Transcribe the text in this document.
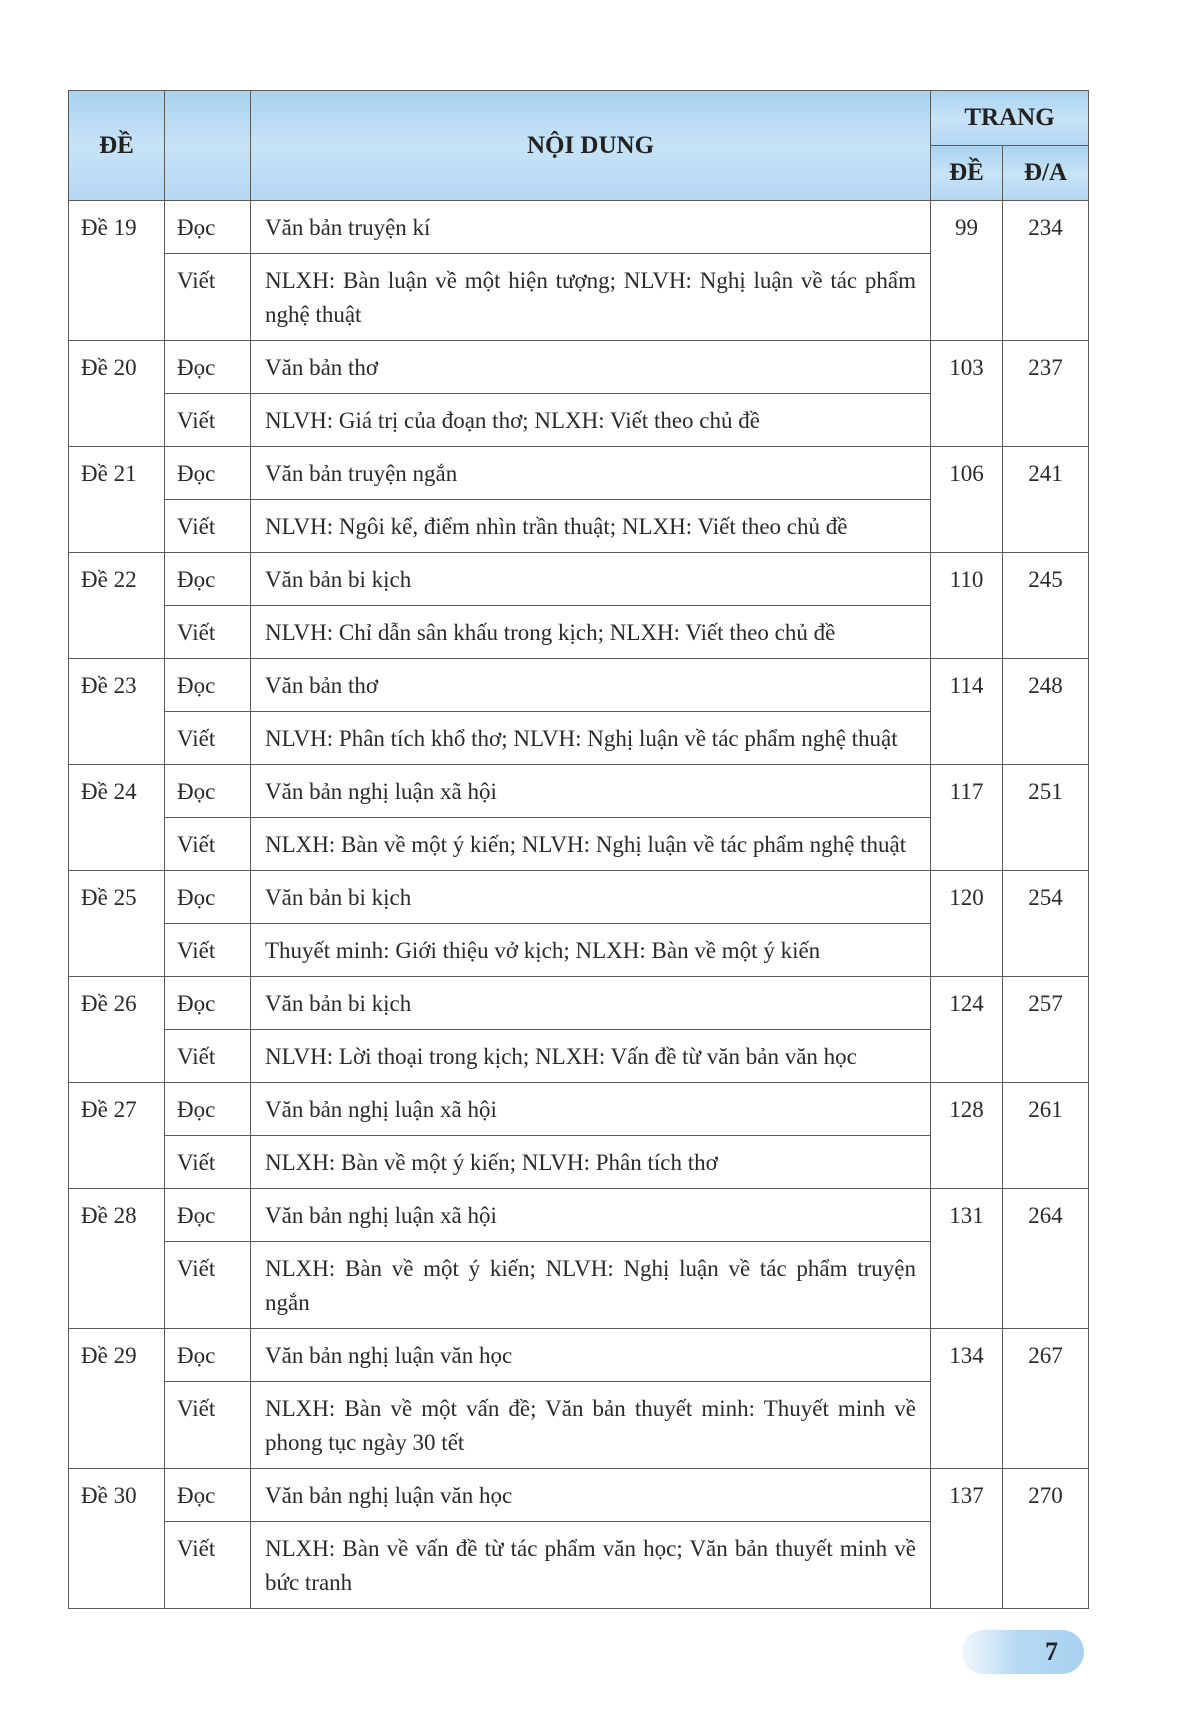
ĐỀ		NỘI DUNG	TRANG	
			ĐỀ	Đ/A
Đề 19	Đọc	Văn bản truyện kí	99	234
	Viết	NLXH: Bàn luận về một hiện tượng; NLVH: Nghị luận về tác phẩm nghệ thuật		
Đề 20	Đọc	Văn bản thơ	103	237
	Viết	NLVH: Giá trị của đoạn thơ; NLXH: Viết theo chủ đề		
Đề 21	Đọc	Văn bản truyện ngắn	106	241
	Viết	NLVH: Ngôi kể, điểm nhìn trần thuật; NLXH: Viết theo chủ đề		
Đề 22	Đọc	Văn bản bi kịch	110	245
	Viết	NLVH: Chỉ dẫn sân khấu trong kịch; NLXH: Viết theo chủ đề		
Đề 23	Đọc	Văn bản thơ	114	248
	Viết	NLVH: Phân tích khổ thơ; NLVH: Nghị luận về tác phẩm nghệ thuật		
Đề 24	Đọc	Văn bản nghị luận xã hội	117	251
	Viết	NLXH: Bàn về một ý kiến; NLVH: Nghị luận về tác phẩm nghệ thuật		
Đề 25	Đọc	Văn bản bi kịch	120	254
	Viết	Thuyết minh: Giới thiệu vở kịch; NLXH: Bàn về một ý kiến		
Đề 26	Đọc	Văn bản bi kịch	124	257
	Viết	NLVH: Lời thoại trong kịch; NLXH: Vấn đề từ văn bản văn học		
Đề 27	Đọc	Văn bản nghị luận xã hội	128	261
	Viết	NLXH: Bàn về một ý kiến; NLVH: Phân tích thơ		
Đề 28	Đọc	Văn bản nghị luận xã hội	131	264
	Viết	NLXH: Bàn về một ý kiến; NLVH: Nghị luận về tác phẩm truyện ngắn		
Đề 29	Đọc	Văn bản nghị luận văn học	134	267
	Viết	NLXH: Bàn về một vấn đề; Văn bản thuyết minh: Thuyết minh về phong tục ngày 30 tết		
Đề 30	Đọc	Văn bản nghị luận văn học	137	270
	Viết	NLXH: Bàn về vấn đề từ tác phẩm văn học; Văn bản thuyết minh về bức tranh		
7
